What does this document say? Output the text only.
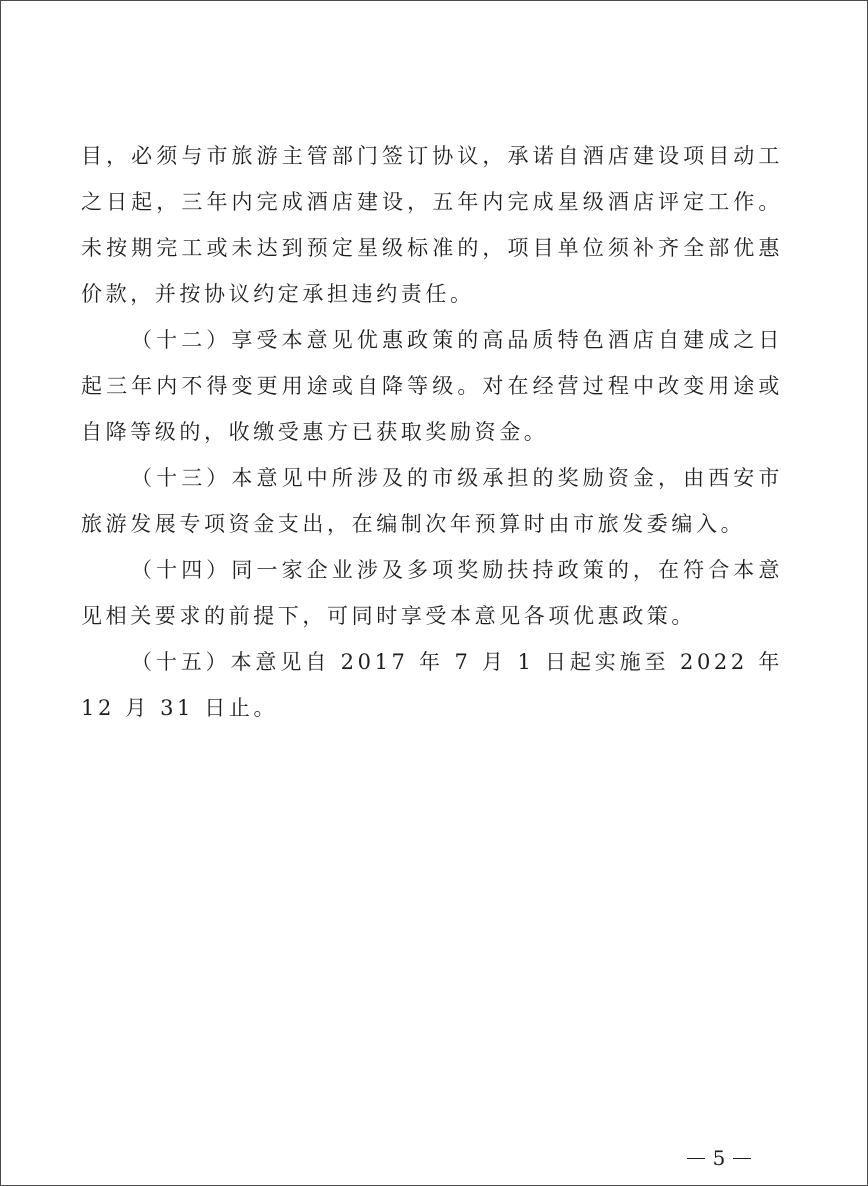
目，必须与市旅游主管部门签订协议，承诺自酒店建设项目动工之日起，三年内完成酒店建设，五年内完成星级酒店评定工作。未按期完工或未达到预定星级标准的，项目单位须补齐全部优惠价款，并按协议约定承担违约责任。

（十二）享受本意见优惠政策的高品质特色酒店自建成之日起三年内不得变更用途或自降等级。对在经营过程中改变用途或自降等级的，收缴受惠方已获取奖励资金。

（十三）本意见中所涉及的市级承担的奖励资金，由西安市旅游发展专项资金支出，在编制次年预算时由市旅发委编入。

（十四）同一家企业涉及多项奖励扶持政策的，在符合本意见相关要求的前提下，可同时享受本意见各项优惠政策。

（十五）本意见自 2017 年 7 月 1 日起实施至 2022 年 12 月 31 日止。

5
